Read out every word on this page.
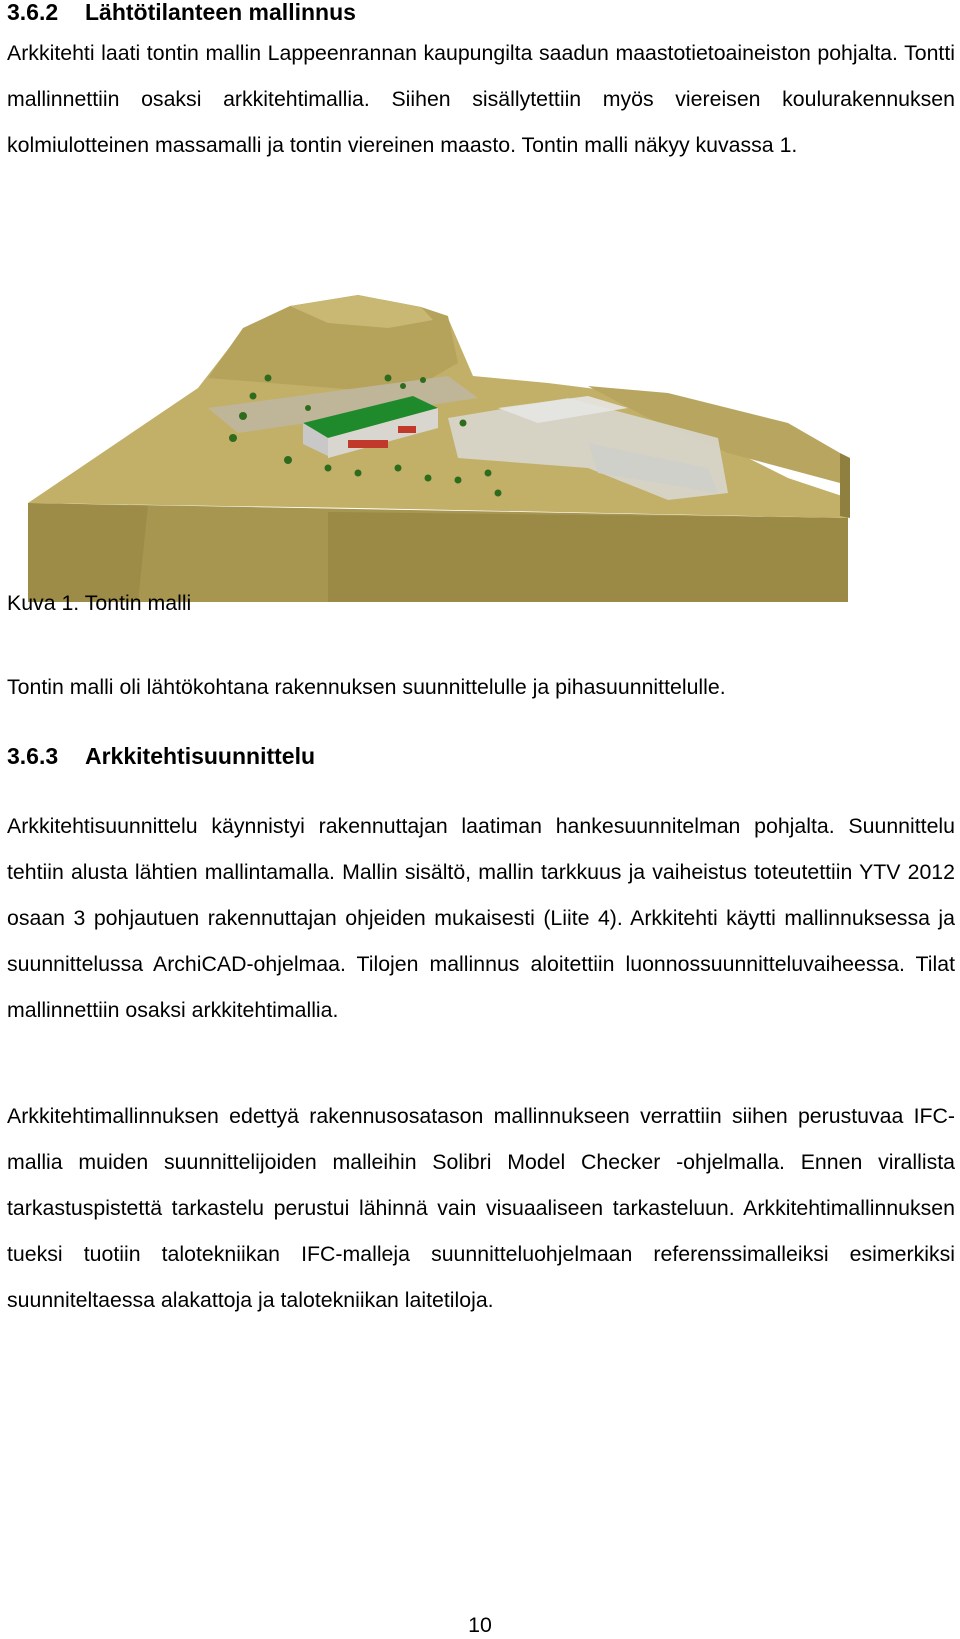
3.6.2 Lähtötilanteen mallinnus

Arkkitehti laati tontin mallin Lappeenrannan kaupungilta saadun maastotietoaineiston pohjalta. Tontti mallinnettiin osaksi arkkitehtimallia. Siihen sisällytettiin myös viereisen koulurakennuksen kolmiulotteinen massamalli ja tontin viereinen maasto. Tontin malli näkyy kuvassa 1.

Kuva 1. Tontin malli

Tontin malli oli lähtökohtana rakennuksen suunnittelulle ja pihasuunnittelulle.

3.6.3 Arkkitehtisuunnittelu

Arkkitehtisuunnittelu käynnistyi rakennuttajan laatiman hankesuunnitelman pohjalta. Suunnittelu tehtiin alusta lähtien mallintamalla. Mallin sisältö, mallin tarkkuus ja vaiheistus toteutettiin YTV 2012 osaan 3 pohjautuen rakennuttajan ohjeiden mukaisesti (Liite 4). Arkkitehti käytti mallinnuksessa ja suunnittelussa ArchiCAD-ohjelmaa. Tilojen mallinnus aloitettiin luonnossuunnitteluvaiheessa. Tilat mallinnettiin osaksi arkkitehtimallia.

Arkkitehtimallinnuksen edettyä rakennusosatason mallinnukseen verrattiin siihen perustuvaa IFC-mallia muiden suunnittelijoiden malleihin Solibri Model Checker -ohjelmalla. Ennen virallista tarkastuspistettä tarkastelu perustui lähinnä vain visuaaliseen tarkasteluun. Arkkitehtimallinnuksen tueksi tuotiin talotekniikan IFC-malleja suunnitteluohjelmaan referenssimalleiksi esimerkiksi suunniteltaessa alakattoja ja talotekniikan laitetiloja.

10
